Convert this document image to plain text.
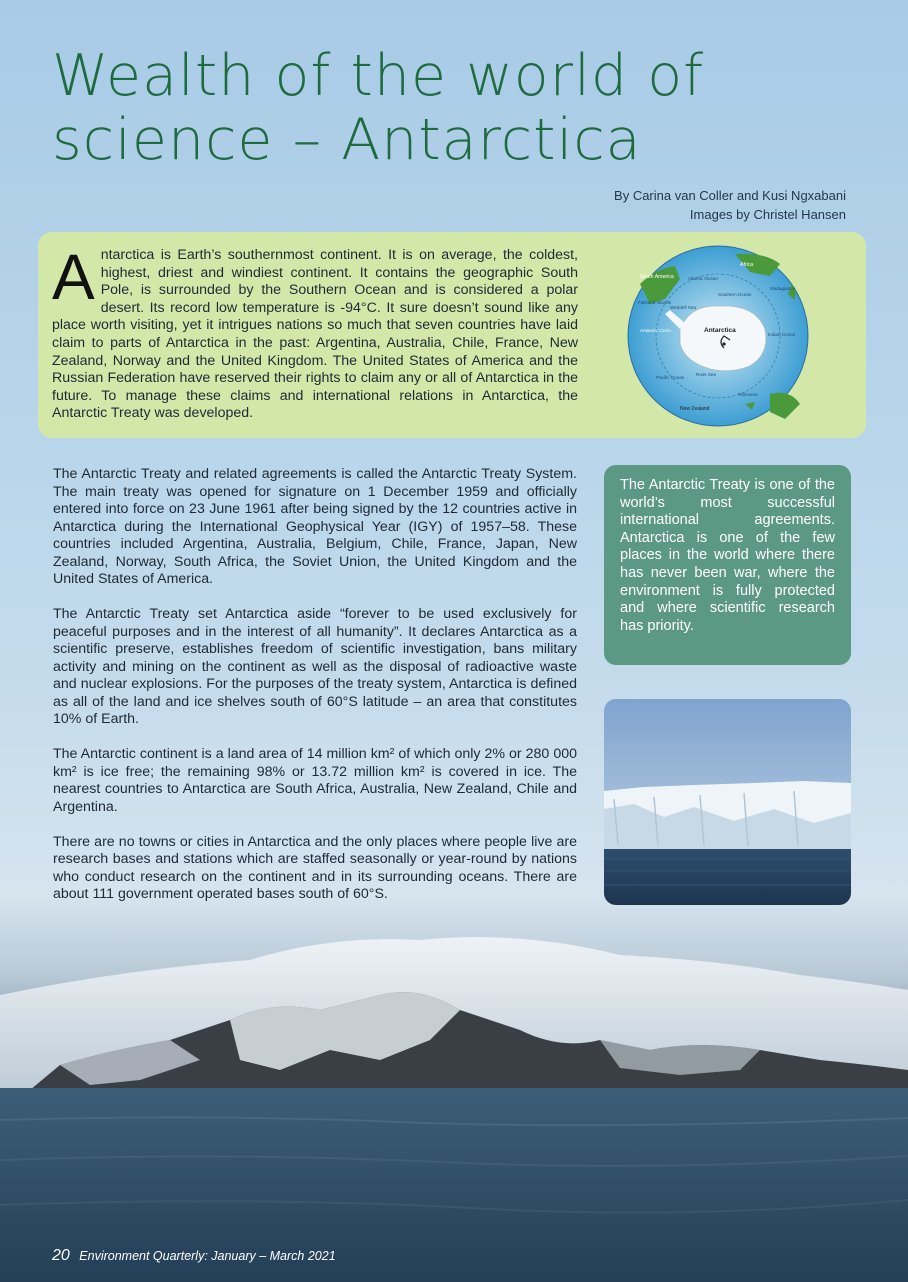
Wealth of the world of science – Antarctica
By Carina van Coller and Kusi Ngxabani
Images by Christel Hansen
A ntarctica is Earth’s southernmost continent. It is on average, the coldest, highest, driest and windiest continent. It contains the geographic South Pole, is surrounded by the Southern Ocean and is considered a polar desert. Its record low temperature is -94°C. It sure doesn’t sound like any place worth visiting, yet it intrigues nations so much that seven countries have laid claim to parts of Antarctica in the past: Argentina, Australia, Chile, France, New Zealand, Norway and the United Kingdom. The United States of America and the Russian Federation have reserved their rights to claim any or all of Antarctica in the future. To manage these claims and international relations in Antarctica, the Antarctic Treaty was developed.
South America	Atlantic Ocean
Africa
Madagascar
Falkland Islands
Weddell Sea
Southern Ocean
Antarctic Circle	Antarctica
Indian Ocean
Ross Sea
Pacific Ocean
Tasmania
New Zealand

The Antarctic Treaty and related agreements is called the Antarctic Treaty System. The main treaty was opened for signature on 1 December 1959 and officially entered into force on 23 June 1961 after being signed by the 12 countries active in Antarctica during the International Geophysical Year (IGY) of 1957–58. These countries included Argentina, Australia, Belgium, Chile, France, Japan, New Zealand, Norway, South Africa, the Soviet Union, the United Kingdom and the United States of America.

The Antarctic Treaty set Antarctica aside “forever to be used exclusively for peaceful purposes and in the interest of all humanity”. It declares Antarctica as a scientific preserve, establishes freedom of scientific investigation, bans military activity and mining on the continent as well as the disposal of radioactive waste and nuclear explosions. For the purposes of the treaty system, Antarctica is defined as all of the land and ice shelves south of 60°S latitude – an area that constitutes 10% of Earth.

The Antarctic continent is a land area of 14 million km² of which only 2% or 280 000 km² is ice free; the remaining 98% or 13.72 million km² is covered in ice. The nearest countries to Antarctica are South Africa, Australia, New Zealand, Chile and Argentina.

There are no towns or cities in Antarctica and the only places where people live are research bases and stations which are staffed seasonally or year-round by nations who conduct research on the continent and in its surrounding oceans. There are about 111 government operated bases south of 60°S.

The Antarctic Treaty is one of the world’s most successful international agreements. Antarctica is one of the few places in the world where there has never been war, where the environment is fully protected and where scientific research has priority.
20 Environment Quarterly: January – March 2021
